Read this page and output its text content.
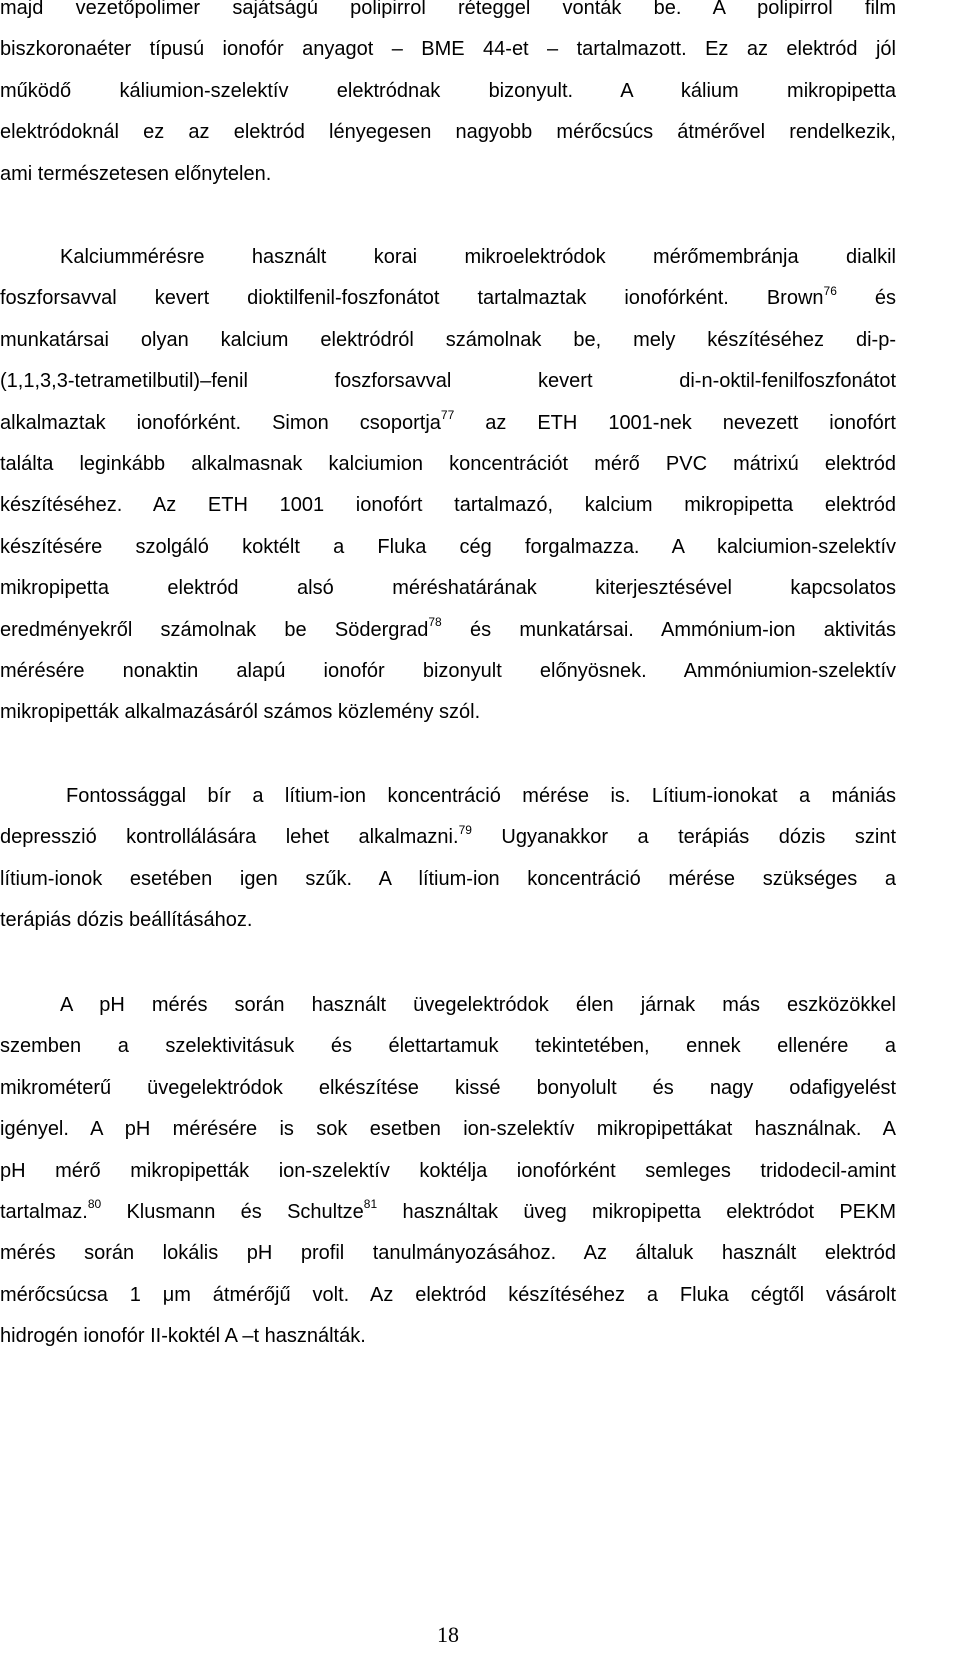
majd vezetőpolimer sajátságú polipirrol réteggel vonták be. A polipirrol film
biszkoronaéter típusú ionofór anyagot – BME 44-et – tartalmazott. Ez az elektród jól
működő káliumion-szelektív elektródnak bizonyult. A kálium mikropipetta
elektródoknál ez az elektród lényegesen nagyobb mérőcsúcs átmérővel rendelkezik,
ami természetesen előnytelen.
Kalciummérésre használt korai mikroelektródok mérőmembránja dialkil
foszforsavval kevert dioktilfenil-foszfonátot tartalmaztak ionofórként. Brown$^{76}$ és
munkatársai olyan kalcium elektródról számolnak be, mely készítéséhez di-p-
(1,1,3,3-tetrametilbutil)–fenil foszforsavval kevert di-n-oktil-fenilfoszfonátot
alkalmaztak ionofórként. Simon csoportja$^{77}$ az ETH 1001-nek nevezett ionofórt
találta leginkább alkalmasnak kalciumion koncentrációt mérő PVC mátrixú elektród
készítéséhez. Az ETH 1001 ionofórt tartalmazó, kalcium mikropipetta elektród
készítésére szolgáló koktélt a Fluka cég forgalmazza. A kalciumion-szelektív
mikropipetta elektród alsó méréshatárának kiterjesztésével kapcsolatos
eredményekről számolnak be Södergrad$^{78}$ és munkatársai. Ammónium-ion aktivitás
mérésére nonaktin alapú ionofór bizonyult előnyösnek. Ammóniumion-szelektív
mikropipetták alkalmazásáról számos közlemény szól.
Fontossággal bír a lítium-ion koncentráció mérése is. Lítium-ionokat a mániás
depresszió kontrollálására lehet alkalmazni.$^{79}$ Ugyanakkor a terápiás dózis szint
lítium-ionok esetében igen szűk. A lítium-ion koncentráció mérése szükséges a
terápiás dózis beállításához.
A pH mérés során használt üvegelektródok élen járnak más eszközökkel
szemben a szelektivitásuk és élettartamuk tekintetében, ennek ellenére a
mikrométerű üvegelektródok elkészítése kissé bonyolult és nagy odafigyelést
igényel. A pH mérésére is sok esetben ion-szelektív mikropipettákat használnak. A
pH mérő mikropipetták ion-szelektív koktélja ionofórként semleges tridodecil-amint
tartalmaz.$^{80}$ Klusmann és Schultze$^{81}$ használtak üveg mikropipetta elektródot PEKM
mérés során lokális pH profil tanulmányozásához. Az általuk használt elektród
mérőcsúcsa 1 μm átmérőjű volt. Az elektród készítéséhez a Fluka cégtől vásárolt
hidrogén ionofór II-koktél A –t használták.
18
